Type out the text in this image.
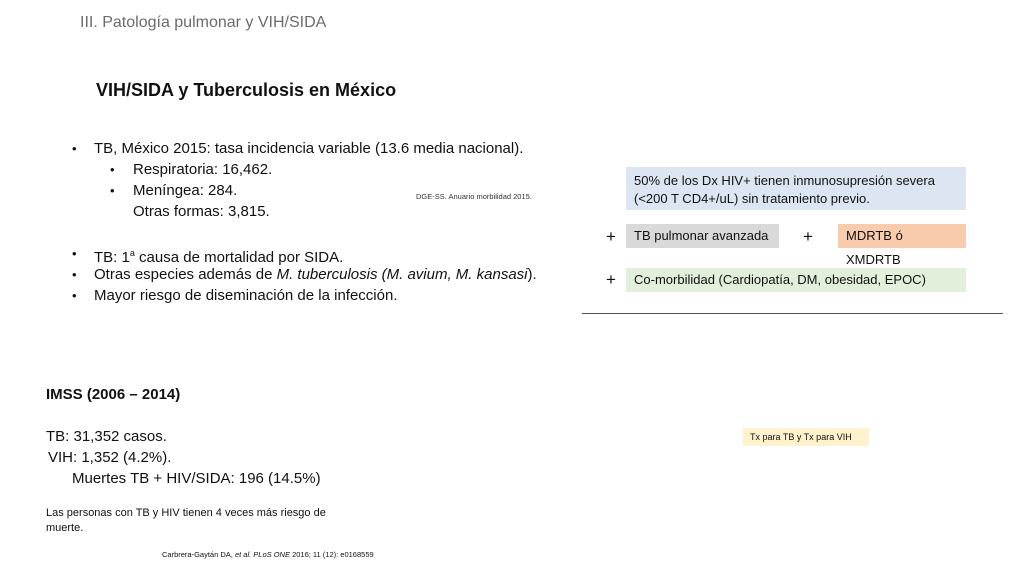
III. Patología pulmonar y VIH/SIDA
VIH/SIDA y Tuberculosis en México
• TB, México 2015: tasa incidencia variable (13.6 media nacional).
• Respiratoria: 16,462.
• Meníngea: 284.	DGE-SS. Anuario morbilidad 2015.
Otras formas: 3,815.
• TB: 1$^a$ causa de mortalidad por SIDA.
• Otras especies además de M. tuberculosis (M. avium, M. kansasi).
• Mayor riesgo de diseminación de la infección.
IMSS (2006 – 2014)
TB: 31,352 casos.
VIH: 1,352 (4.2%).
Muertes TB + HIV/SIDA: 196 (14.5%)
Las personas con TB y HIV tienen 4 veces más riesgo de muerte.
Carbrera-Gaytán DA, et al. PLoS ONE 2016; 11 (12): e0168559
50% de los Dx HIV+ tienen inmunosupresión severa
(<200 T CD4+/uL) sin tratamiento previo.
+	TB pulmonar avanzada	+	MDRTB ó XMDRTB
+	Co-morbilidad (Cardiopatía, DM, obesidad, EPOC)
Tx para TB y Tx para VIH
